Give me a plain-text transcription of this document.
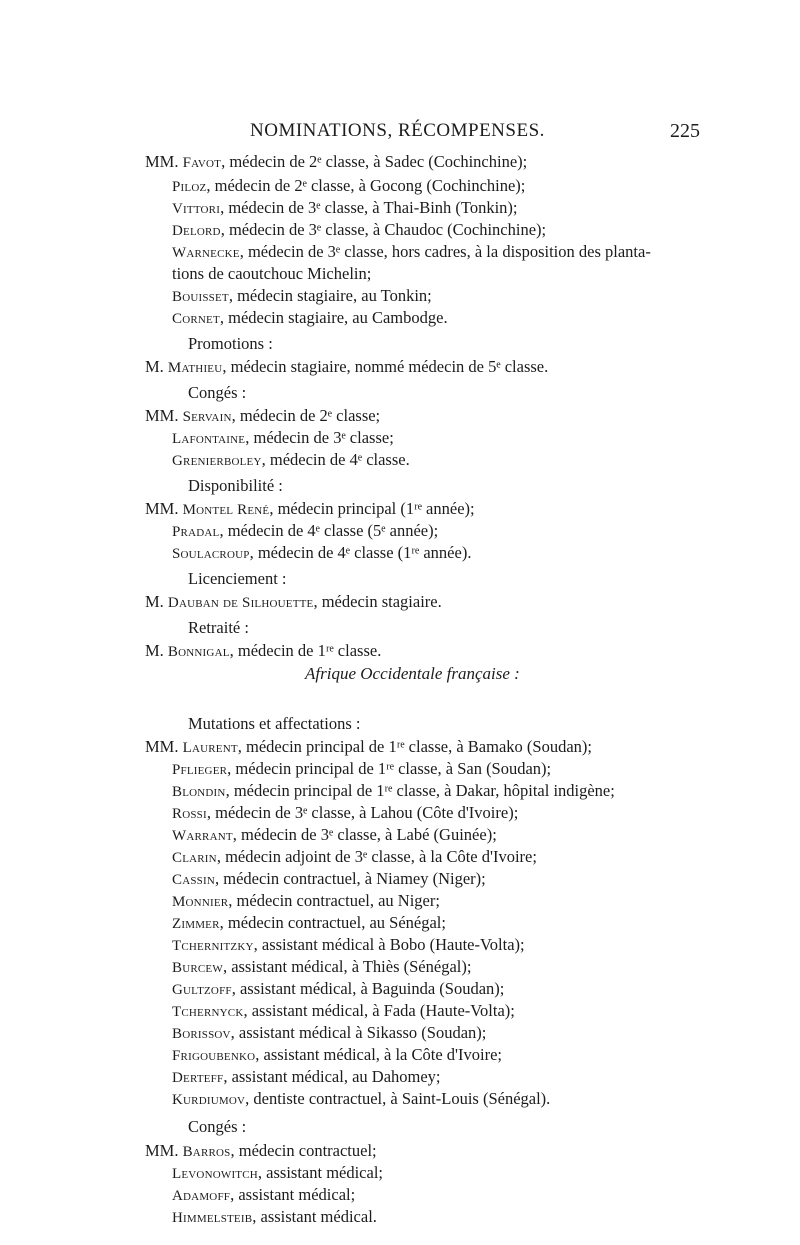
NOMINATIONS, RÉCOMPENSES.	225
MM. Favot, médecin de 2ᵉ classe, à Sadec (Cochinchine);
Piloz, médecin de 2ᵉ classe, à Gocong (Cochinchine);
Vittori, médecin de 3ᵉ classe, à Thai-Binh (Tonkin);
Delord, médecin de 3ᵉ classe, à Chaudoc (Cochinchine);
Warnecke, médecin de 3ᵉ classe, hors cadres, à la disposition des planta-
tions de caoutchouc Michelin;
Bouisset, médecin stagiaire, au Tonkin;
Cornet, médecin stagiaire, au Cambodge.
Promotions :
M. Mathieu, médecin stagiaire, nommé médecin de 5ᵉ classe.
Congés :
MM. Servain, médecin de 2ᵉ classe;
Lafontaine, médecin de 3ᵉ classe;
Grenierboley, médecin de 4ᵉ classe.
Disponibilité :
MM. Montel René, médecin principal (1ʳᵉ année);
Pradal, médecin de 4ᵉ classe (5ᵉ année);
Soulacroup, médecin de 4ᵉ classe (1ʳᵉ année).
Licenciement :
M. Dauban de Silhouette, médecin stagiaire.
Retraité :
M. Bonnigal, médecin de 1ʳᵉ classe.
Mutations et affectations :
MM. Laurent, médecin principal de 1ʳᵉ classe, à Bamako (Soudan);
Pflieger, médecin principal de 1ʳᵉ classe, à San (Soudan);
Blondin, médecin principal de 1ʳᵉ classe, à Dakar, hôpital indigène;
Rossi, médecin de 3ᵉ classe, à Lahou (Côte d'Ivoire);
Warrant, médecin de 3ᵉ classe, à Labé (Guinée);
Clarin, médecin adjoint de 3ᵉ classe, à la Côte d'Ivoire;
Cassin, médecin contractuel, à Niamey (Niger);
Monnier, médecin contractuel, au Niger;
Zimmer, médecin contractuel, au Sénégal;
Tchernitzky, assistant médical à Bobo (Haute-Volta);
Burcew, assistant médical, à Thiès (Sénégal);
Gultzoff, assistant médical, à Baguinda (Soudan);
Tchernyck, assistant médical, à Fada (Haute-Volta);
Borissov, assistant médical à Sikasso (Soudan);
Frigoubenko, assistant médical, à la Côte d'Ivoire;
Derteff, assistant médical, au Dahomey;
Kurdiumov, dentiste contractuel, à Saint-Louis (Sénégal).
Congés :
MM. Barros, médecin contractuel;
Levonowitch, assistant médical;
Adamoff, assistant médical;
Himmelsteib, assistant médical.
Afrique Occidentale française :
